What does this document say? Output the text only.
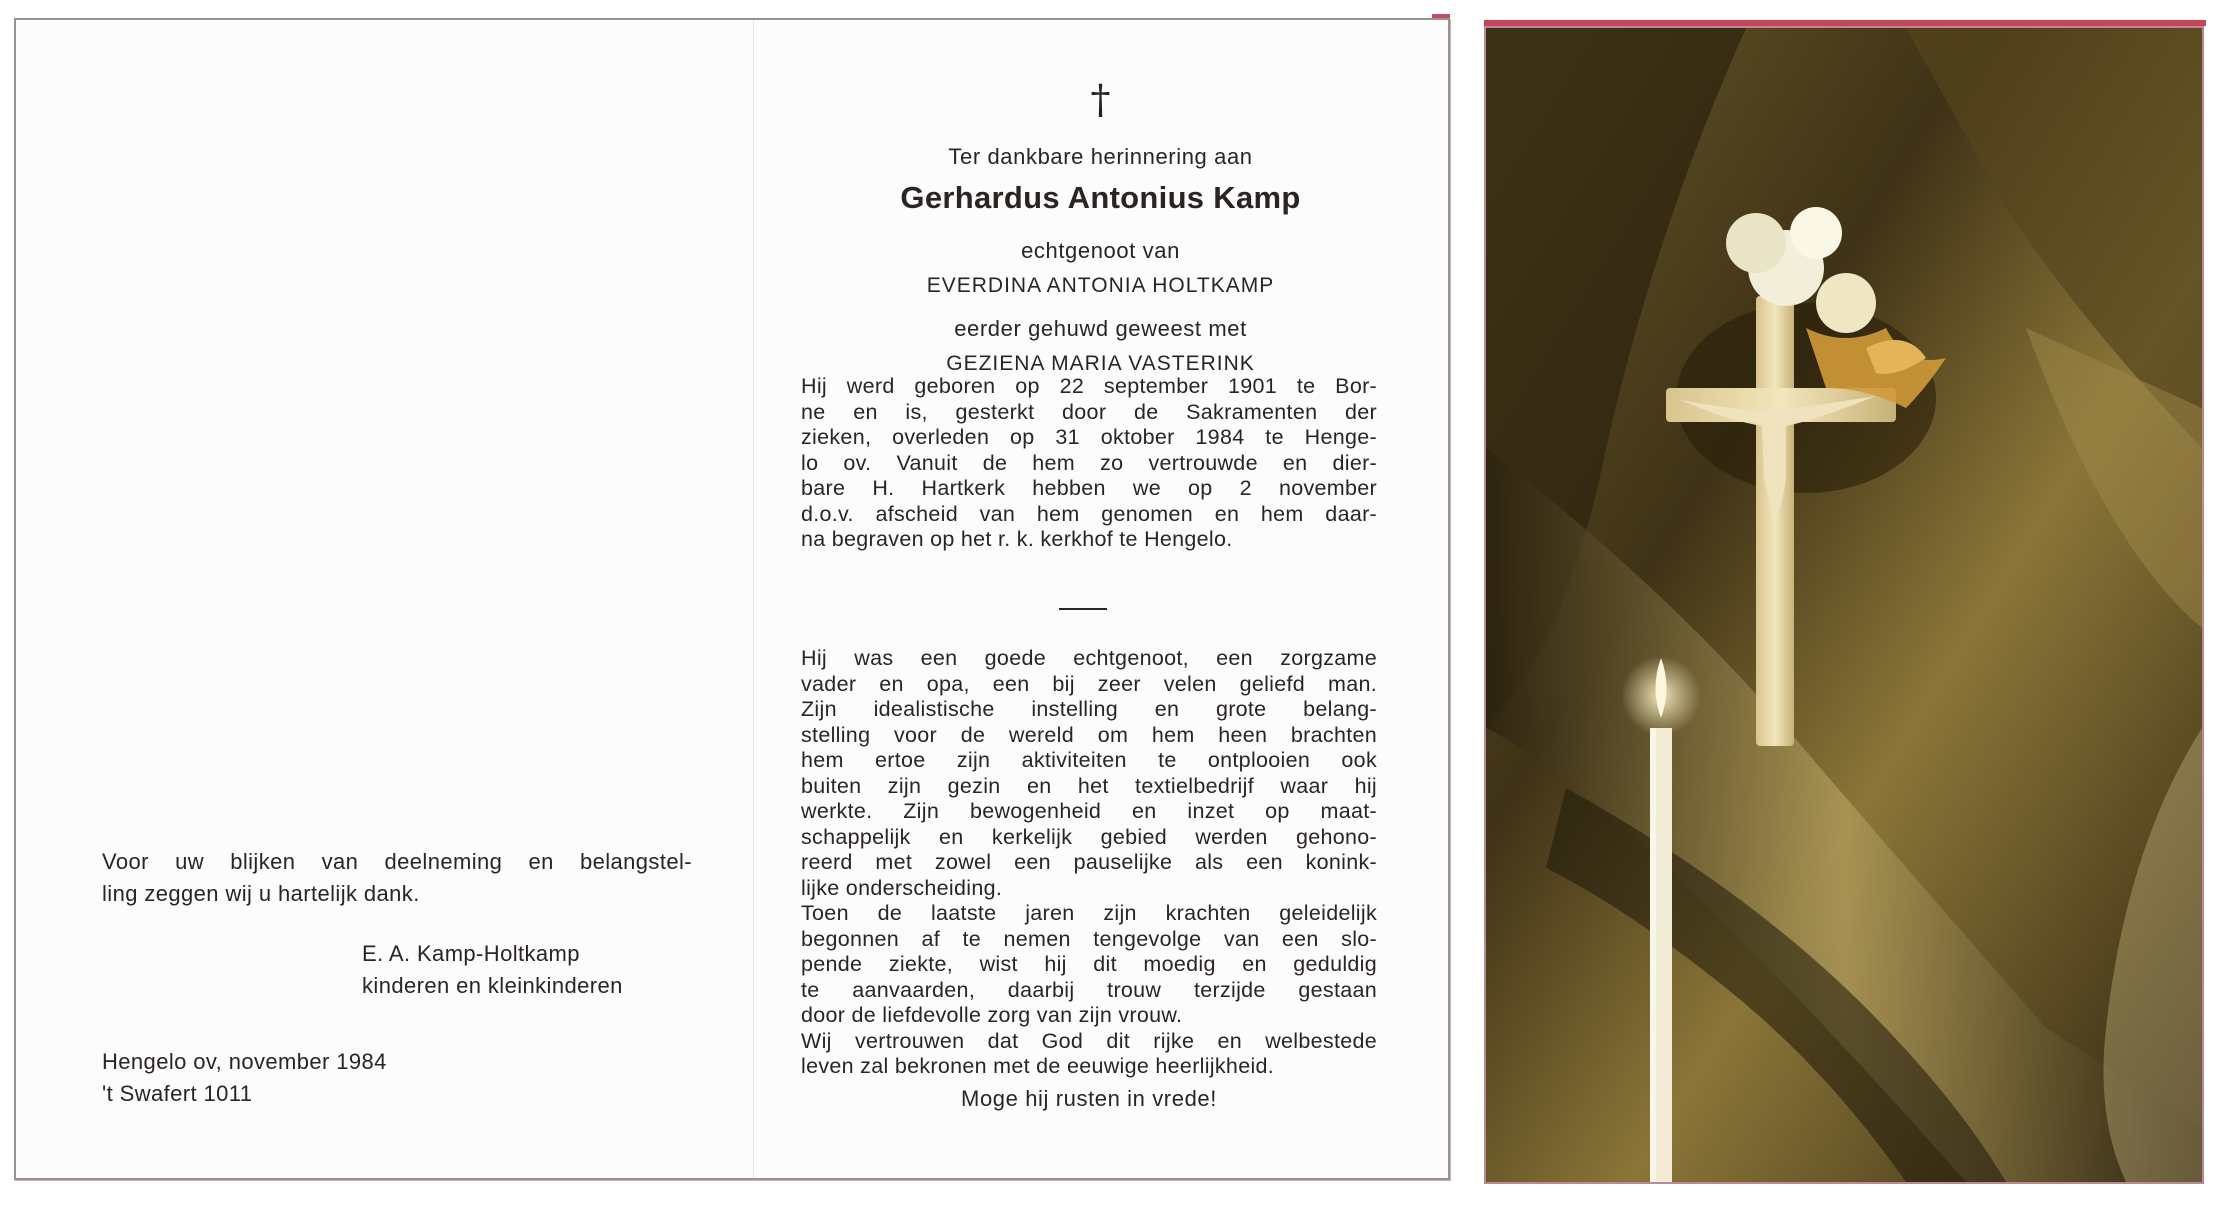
Voor uw blijken van deelneming en belangstel-
ling zeggen wij u hartelijk dank.
E. A. Kamp-Holtkamp
kinderen en kleinkinderen
Hengelo ov, november 1984
't Swafert 1011
†
Ter dankbare herinnering aan
Gerhardus Antonius Kamp
echtgenoot van
EVERDINA ANTONIA HOLTKAMP
eerder gehuwd geweest met
GEZIENA MARIA VASTERINK
Hij werd geboren op 22 september 1901 te Bor-
ne en is, gesterkt door de Sakramenten der
zieken, overleden op 31 oktober 1984 te Henge-
lo ov. Vanuit de hem zo vertrouwde en dier-
bare H. Hartkerk hebben we op 2 november
d.o.v. afscheid van hem genomen en hem daar-
na begraven op het r. k. kerkhof te Hengelo.
Hij was een goede echtgenoot, een zorgzame
vader en opa, een bij zeer velen geliefd man.
Zijn idealistische instelling en grote belang-
stelling voor de wereld om hem heen brachten
hem ertoe zijn aktiviteiten te ontplooien ook
buiten zijn gezin en het textielbedrijf waar hij
werkte. Zijn bewogenheid en inzet op maat-
schappelijk en kerkelijk gebied werden gehono-
reerd met zowel een pauselijke als een konink-
lijke onderscheiding.
Toen de laatste jaren zijn krachten geleidelijk
begonnen af te nemen tengevolge van een slo-
pende ziekte, wist hij dit moedig en geduldig
te aanvaarden, daarbij trouw terzijde gestaan
door de liefdevolle zorg van zijn vrouw.
Wij vertrouwen dat God dit rijke en welbestede
leven zal bekronen met de eeuwige heerlijkheid.
Moge hij rusten in vrede!
